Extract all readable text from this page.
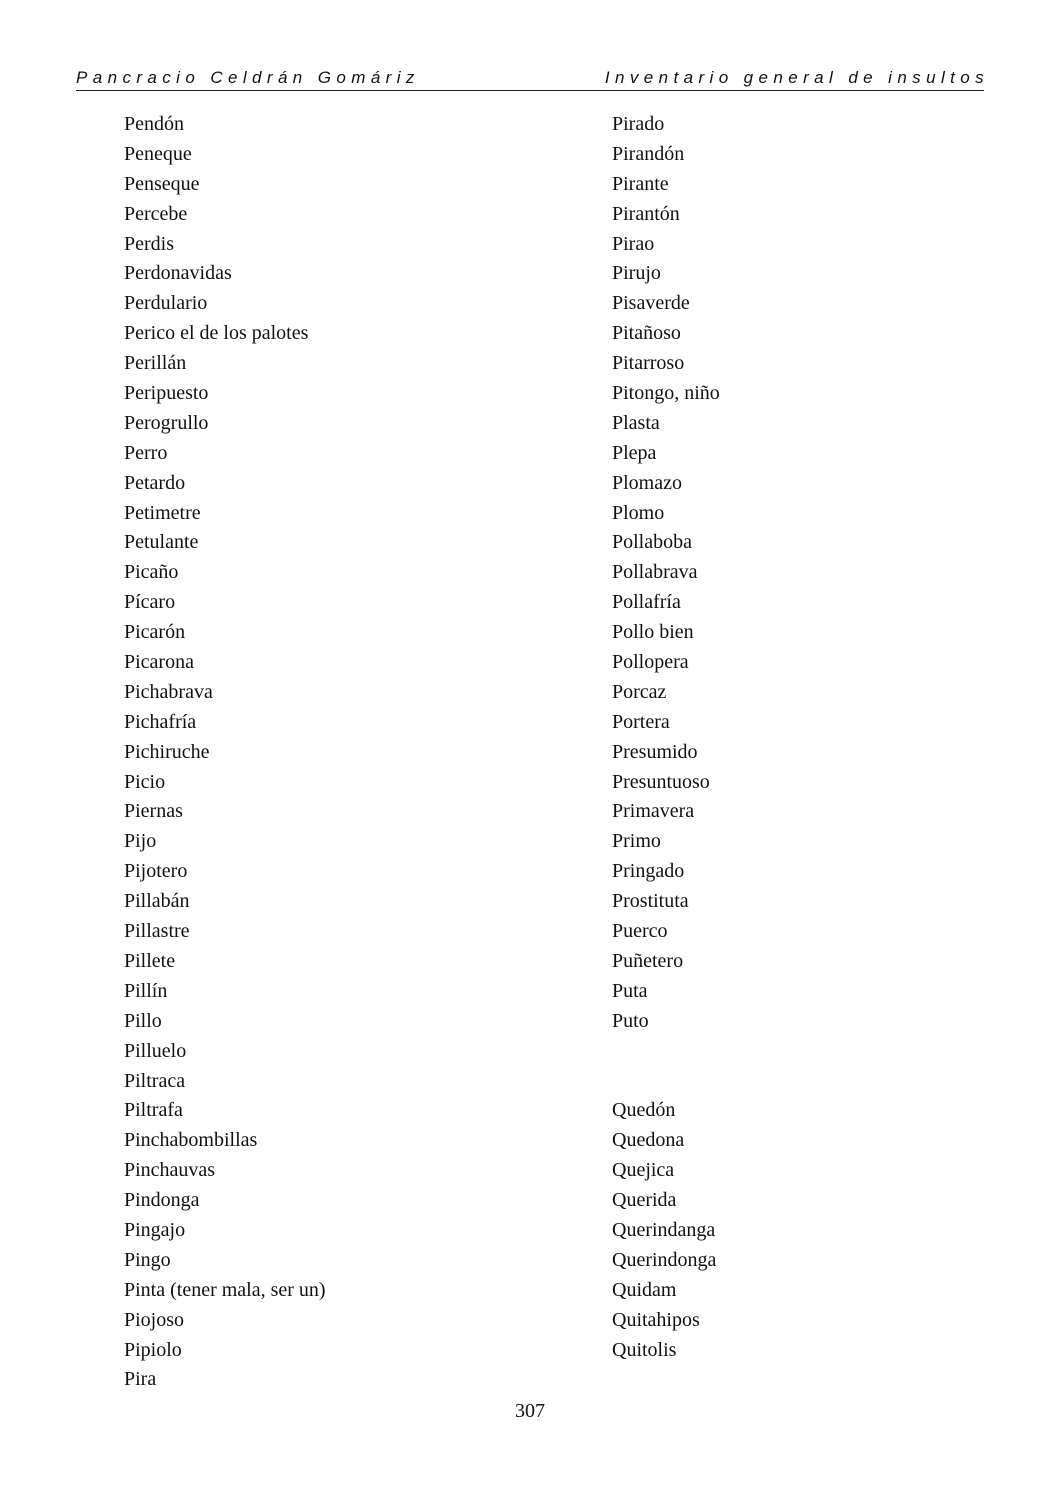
Pancracio Celdrán Gomáriz	Inventario general de insultos
Pendón
Peneque
Penseque
Percebe
Perdis
Perdonavidas
Perdulario
Perico el de los palotes
Perillán
Peripuesto
Perogrullo
Perro
Petardo
Petimetre
Petulante
Picaño
Pícaro
Picarón
Picarona
Pichabrava
Pichafría
Pichiruche
Picio
Piernas
Pijo
Pijotero
Pillabán
Pillastre
Pillete
Pillín
Pillo
Pilluelo
Piltraca
Piltrafa
Pinchabombillas
Pinchauvas
Pindonga
Pingajo
Pingo
Pinta (tener mala, ser un)
Piojoso
Pipiolo
Pira
Pirado
Pirandón
Pirante
Pirantón
Pirao
Pirujo
Pisaverde
Pitañoso
Pitarroso
Pitongo, niño
Plasta
Plepa
Plomazo
Plomo
Pollaboba
Pollabrava
Pollafría
Pollo bien
Pollopera
Porcaz
Portera
Presumido
Presuntuoso
Primavera
Primo
Pringado
Prostituta
Puerco
Puñetero
Puta
Puto
Quedón
Quedona
Quejica
Querida
Querindanga
Querindonga
Quidam
Quitahipos
Quitolis
307
